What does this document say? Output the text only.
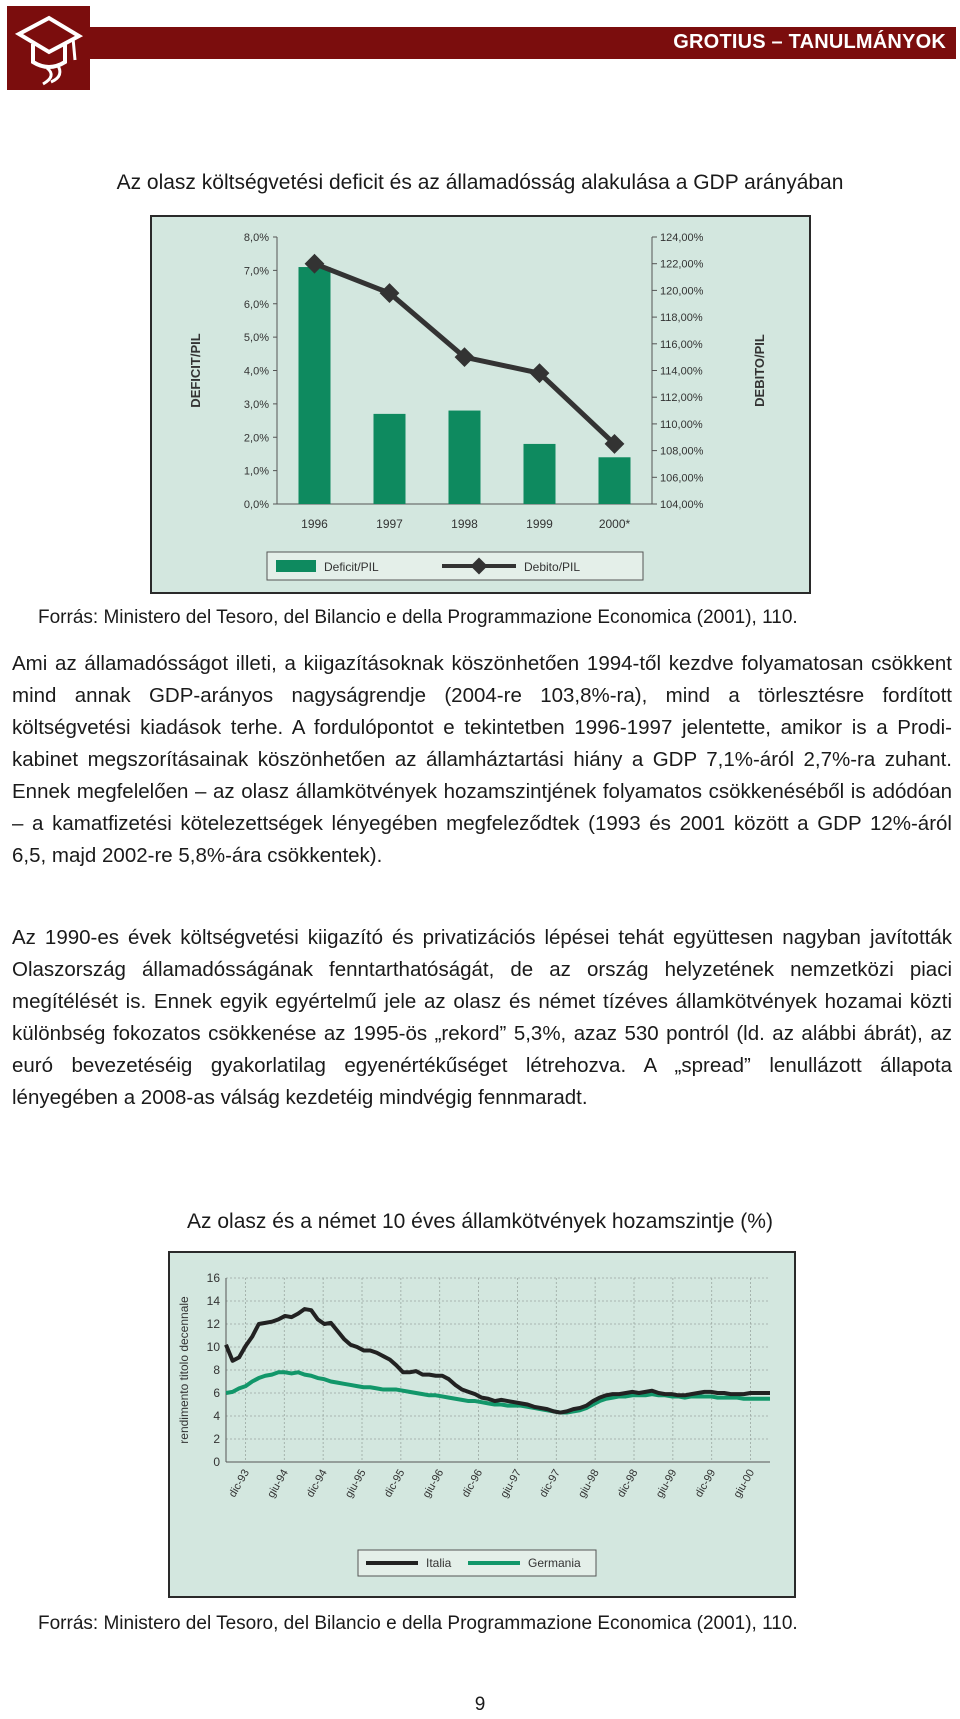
GROTIUS – TANULMÁNYOK
Az olasz költségvetési deficit és az államadósság alakulása a GDP arányában
0,0%
1,0%
2,0%
3,0%
4,0%
5,0%
6,0%
7,0%
8,0%
104,00%
106,00%
108,00%
110,00%
112,00%
114,00%
116,00%
118,00%
120,00%
122,00%
124,00%
DEFICIT/PIL	DEBITO/PIL
1996	1997	1998	1999	2000*
Deficit/PIL	Debito/PIL
Forrás: Ministero del Tesoro, del Bilancio e della Programmazione Economica (2001), 110.
Ami az államadósságot illeti, a kiigazításoknak köszönhetően 1994-től kezdve folyamatosan csökkent mind annak GDP-arányos nagyságrendje (2004-re 103,8%-ra), mind a törlesztésre fordított költségvetési kiadások terhe. A fordulópontot e tekintetben 1996-1997 jelentette, amikor is a Prodi-kabinet megszorításainak köszönhetően az államháztartási hiány a GDP 7,1%-áról 2,7%-ra zuhant. Ennek megfelelően – az olasz államkötvények hozamszintjének folyamatos csökkenéséből is adódóan – a kamatfizetési kötelezettségek lényegében megfeleződtek (1993 és 2001 között a GDP 12%-áról 6,5, majd 2002-re 5,8%-ára csökkentek).
Az 1990-es évek költségvetési kiigazító és privatizációs lépései tehát együttesen nagyban javították Olaszország államadósságának fenntarthatóságát, de az ország helyzetének nemzetközi piaci megítélését is. Ennek egyik egyértelmű jele az olasz és német tízéves államkötvények hozamai közti különbség fokozatos csökkenése az 1995-ös „rekord” 5,3%, azaz 530 pontról (ld. az alábbi ábrát), az euró bevezetéséig gyakorlatilag egyenértékűséget létrehozva. A „spread” lenullázott állapota lényegében a 2008-as válság kezdetéig mindvégig fennmaradt.
Az olasz és a német 10 éves államkötvények hozamszintje (%)
0
2
4
6
8
10
12
14
16
dic-93 giu-94 dic-94 giu-95 dic-95 giu-96 dic-96 giu-97 dic-97 giu-98 dic-98 giu-99 dic-99 giu-00
rendimento titolo decennale
Italia	Germania
Forrás: Ministero del Tesoro, del Bilancio e della Programmazione Economica (2001), 110.
9
